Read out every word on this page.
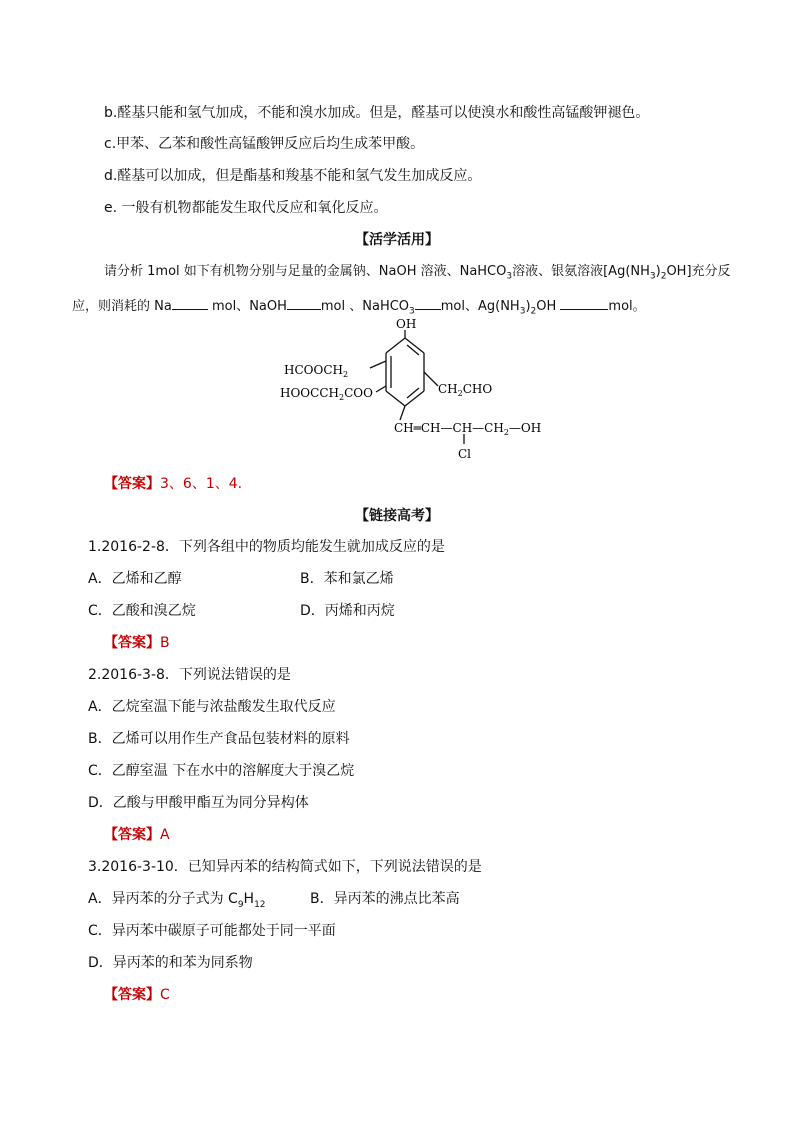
b.醛基只能和氢气加成，不能和溴水加成。但是，醛基可以使溴水和酸性高锰酸钾褪色。
c.甲苯、乙苯和酸性高锰酸钾反应后均生成苯甲酸。
d.醛基可以加成，但是酯基和羧基不能和氢气发生加成反应。
e. 一般有机物都能发生取代反应和氧化反应。
【活学活用】
请分析 1mol 如下有机物分别与足量的金属钠、NaOH 溶液、NaHCO$_3$溶液、银氨溶液$[Ag(NH_3)_2OH]$充分反
应，则消耗的 Na	mol、NaOH	mol 、NaHCO$_3$ mol、$Ag(NH_3)_2OH$	mol。
OH
$HCOOCH_2$
$HOOCCH_2COO$	$CH_2CHO$
$CH═CH—CH—CH_2—OH$
Cl
【答案】3、6、1、4.
【链接高考】
1.2016-2-8．下列各组中的物质均能发生就加成反应的是
A．乙烯和乙醇	B．苯和氯乙烯
C．乙酸和溴乙烷	D．丙烯和丙烷
【答案】B
2.2016-3-8．下列说法错误的是
A．乙烷室温下能与浓盐酸发生取代反应
B．乙烯可以用作生产食品包装材料的原料
C．乙醇室温 下在水中的溶解度大于溴乙烷
D．乙酸与甲酸甲酯互为同分异构体
【答案】A
3.2016-3-10．已知异丙苯的结构简式如下，下列说法错误的是
A．异丙苯的分子式为 $C_9H_{12}$	B．异丙苯的沸点比苯高
C．异丙苯中碳原子可能都处于同一平面
D．异丙苯的和苯为同系物
【答案】C
